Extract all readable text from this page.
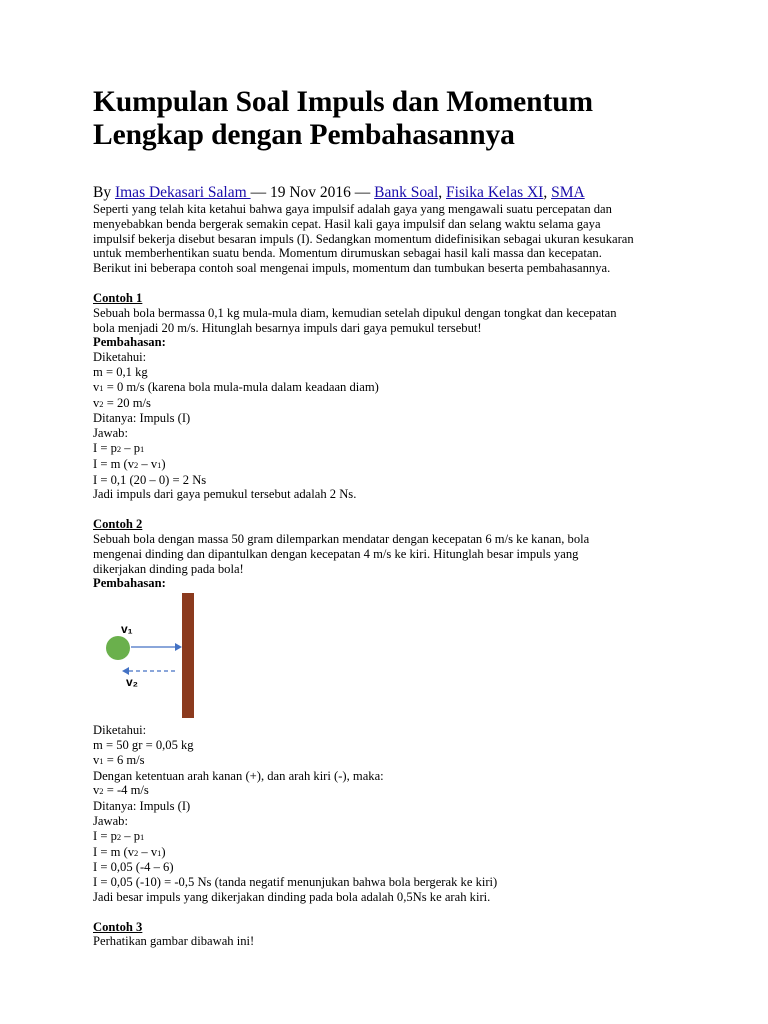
Kumpulan Soal Impuls dan Momentum
Lengkap dengan Pembahasannya

By Imas Dekasari Salam — 19 Nov 2016 — Bank Soal, Fisika Kelas XI, SMA

Seperti yang telah kita ketahui bahwa gaya impulsif adalah gaya yang mengawali suatu percepatan dan
menyebabkan benda bergerak semakin cepat. Hasil kali gaya impulsif dan selang waktu selama gaya
impulsif bekerja disebut besaran impuls (I). Sedangkan momentum didefinisikan sebagai ukuran kesukaran
untuk memberhentikan suatu benda. Momentum dirumuskan sebagai hasil kali massa dan kecepatan.
Berikut ini beberapa contoh soal mengenai impuls, momentum dan tumbukan beserta pembahasannya.

Contoh 1

Sebuah bola bermassa 0,1 kg mula-mula diam, kemudian setelah dipukul dengan tongkat dan kecepatan
bola menjadi 20 m/s. Hitunglah besarnya impuls dari gaya pemukul tersebut!

Pembahasan:

Diketahui:

m = 0,1 kg

v1 = 0 m/s (karena bola mula-mula dalam keadaan diam)

v2 = 20 m/s

Ditanya: Impuls (I)

Jawab:

I = p2 – p1

I = m (v2 – v1)

I = 0,1 (20 – 0) = 2 Ns

Jadi impuls dari gaya pemukul tersebut adalah 2 Ns.

Contoh 2

Sebuah bola dengan massa 50 gram dilemparkan mendatar dengan kecepatan 6 m/s ke kanan, bola
mengenai dinding dan dipantulkan dengan kecepatan 4 m/s ke kiri. Hitunglah besar impuls yang
dikerjakan dinding pada bola!

Pembahasan:

v₁
v₂

Diketahui:

m = 50 gr = 0,05 kg

v1 = 6 m/s

Dengan ketentuan arah kanan (+), dan arah kiri (-), maka:

v2 = -4 m/s

Ditanya: Impuls (I)

Jawab:

I = p2 – p1

I = m (v2 – v1)

I = 0,05 (-4 – 6)

I = 0,05 (-10) = -0,5 Ns (tanda negatif menunjukan bahwa bola bergerak ke kiri)

Jadi besar impuls yang dikerjakan dinding pada bola adalah 0,5Ns ke arah kiri.

Contoh 3

Perhatikan gambar dibawah ini!
